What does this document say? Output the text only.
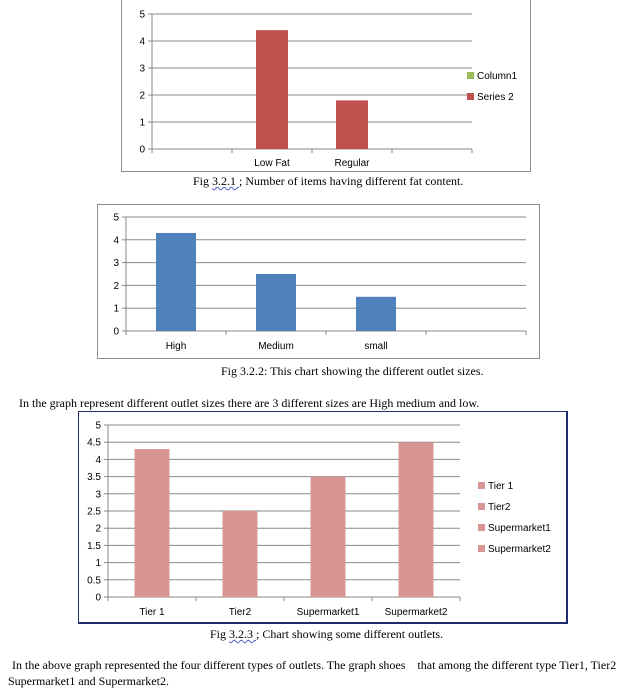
0
1
2
3
4
5
Low Fat	Regular
Column1
Series 2
Fig 3.2.1 ; Number of items having different fat content.
0
1
2
3
4
5
High	Medium	small
Fig 3.2.2: This chart showing the different outlet sizes.
In the graph represent different outlet sizes there are 3 different sizes are High medium and low.
0
0.5
1
1.5
2
2.5
3
3.5
4
4.5
5
Tier 1	Tier2	Supermarket1	Supermarket2
Tier 1
Tier2
Supermarket1
Supermarket2
Fig 3.2.3 ; Chart showing some different outlets.
In the above graph represented the four different types of outlets. The graph shoes    that among the different type Tier1, Tier2
Supermarket1 and Supermarket2.
